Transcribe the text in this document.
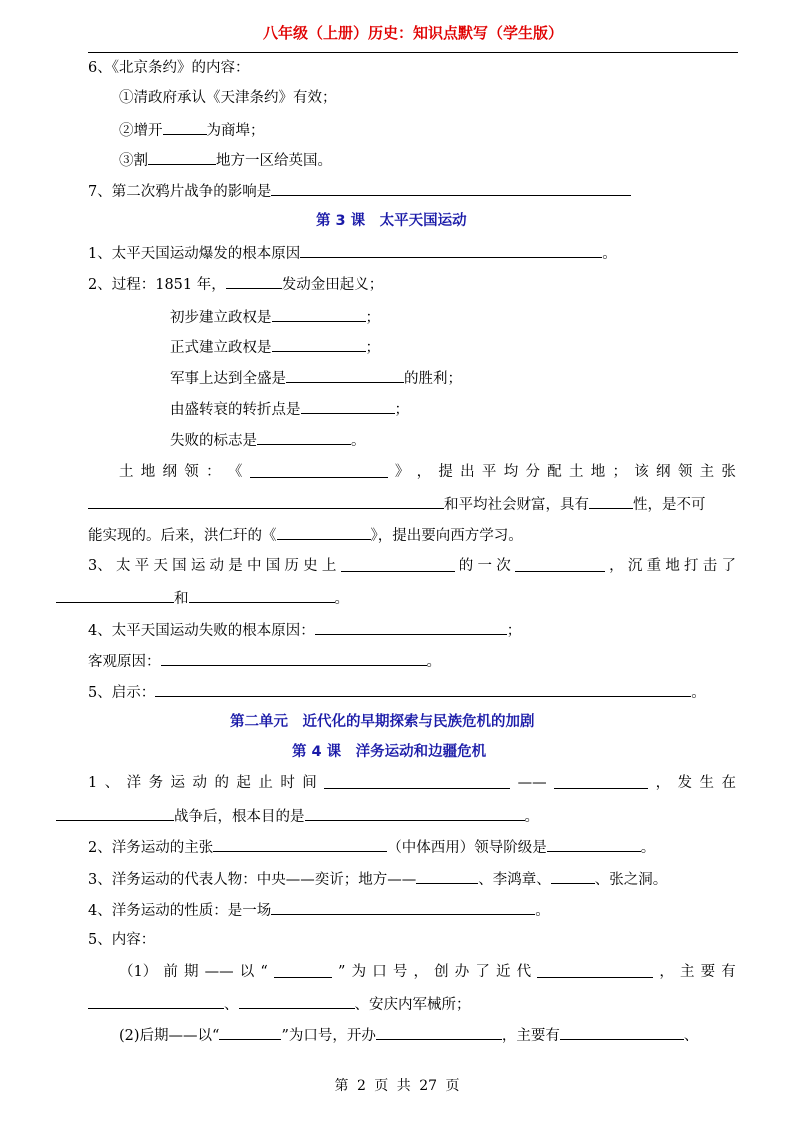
八年级（上册）历史：知识点默写（学生版）
6、《北京条约》的内容：
①清政府承认《天津条约》有效；
②增开	为商埠；
③割	地方一区给英国。
7、第二次鸦片战争的影响是
第 3 课　太平天国运动
1、太平天国运动爆发的根本原因	。
2、过程：1851 年，	发动金田起义；
初步建立政权是	；
正式建立政权是	；
军事上达到全盛是	的胜利；
由盛转衰的转折点是	；
失败的标志是	。
土 地 纲 领 ： 《	》 ， 提 出 平 均 分 配 土 地 ； 该 纲 领 主 张
和平均社会财富，具有	性，是不可
能实现的。后来，洪仁玕的《	》，提出要向西方学习。
3、 太 平 天 国 运 动 是 中 国 历 史 上	的 一 次	， 沉 重 地 打 击 了
和	。
4、太平天国运动失败的根本原因：	；
客观原因：	。
5、启示：	。
第二单元　近代化的早期探索与民族危机的加剧
第 4 课　洋务运动和边疆危机
1 、 洋 务 运 动 的 起 止 时 间	——	， 发 生 在
战争后，根本目的是	。
2、洋务运动的主张	（中体西用）领导阶级是	。
3、洋务运动的代表人物：中央——奕䜣；地方——	、李鸿章、	、张之洞。
4、洋务运动的性质：是一场	。
5、内容：
（1） 前 期 —— 以 “	” 为 口 号 ， 创 办 了 近 代	， 主 要 有
、	、安庆内军械所；
(2)后期——以“	”为口号，开办	，主要有	、
第 2 页 共 27 页
